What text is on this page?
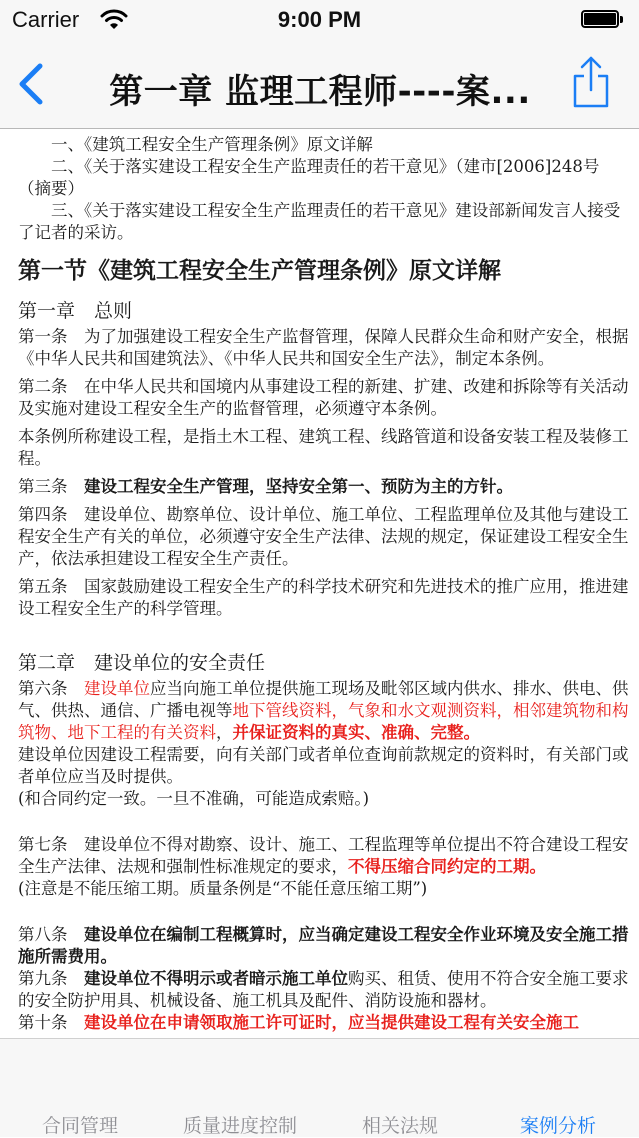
Carrier	9:00 PM
第一章 监理工程师----案...

　　一、《建筑工程安全生产管理条例》原文详解

　　二、《关于落实建设工程安全生产监理责任的若干意见》（建市[2006]248号（摘要）

　　三、《关于落实建设工程安全生产监理责任的若干意见》建设部新闻发言人接受了记者的采访。

第一节《建筑工程安全生产管理条例》原文详解

第一章　总则

第一条　为了加强建设工程安全生产监督管理，保障人民群众生命和财产安全，根据《中华人民共和国建筑法》、《中华人民共和国安全生产法》，制定本条例。

第二条　在中华人民共和国境内从事建设工程的新建、扩建、改建和拆除等有关活动及实施对建设工程安全生产的监督管理，必须遵守本条例。

本条例所称建设工程，是指土木工程、建筑工程、线路管道和设备安装工程及装修工程。

第三条　建设工程安全生产管理，坚持安全第一、预防为主的方针。

第四条　建设单位、勘察单位、设计单位、施工单位、工程监理单位及其他与建设工程安全生产有关的单位，必须遵守安全生产法律、法规的规定，保证建设工程安全生产，依法承担建设工程安全生产责任。

第五条　国家鼓励建设工程安全生产的科学技术研究和先进技术的推广应用，推进建设工程安全生产的科学管理。

第二章　建设单位的安全责任

第六条　建设单位应当向施工单位提供施工现场及毗邻区域内供水、排水、供电、供气、供热、通信、广播电视等地下管线资料，气象和水文观测资料，相邻建筑物和构筑物、地下工程的有关资料，并保证资料的真实、准确、完整。

建设单位因建设工程需要，向有关部门或者单位查询前款规定的资料时，有关部门或者单位应当及时提供。

(和合同约定一致。一旦不准确，可能造成索赔。)

第七条　建设单位不得对勘察、设计、施工、工程监理等单位提出不符合建设工程安全生产法律、法规和强制性标准规定的要求，不得压缩合同约定的工期。

(注意是不能压缩工期。质量条例是“不能任意压缩工期”)

第八条　建设单位在编制工程概算时，应当确定建设工程安全作业环境及安全施工措施所需费用。

第九条　建设单位不得明示或者暗示施工单位购买、租赁、使用不符合安全施工要求的安全防护用具、机械设备、施工机具及配件、消防设施和器材。

第十条　建设单位在申请领取施工许可证时，应当提供建设工程有关安全施工

合同管理	质量进度控制	相关法规	案例分析
